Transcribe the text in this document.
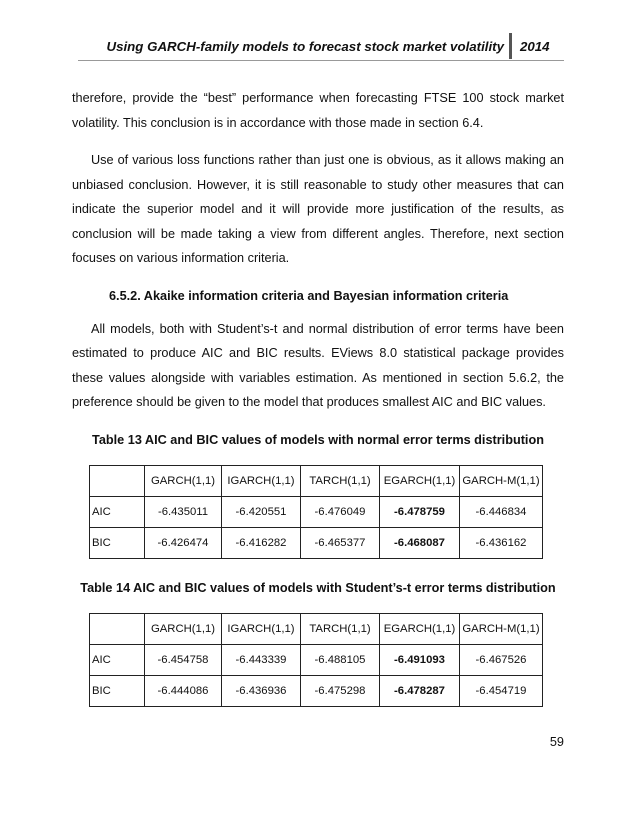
Using GARCH-family models to forecast stock market volatility 2014

therefore, provide the “best” performance when forecasting FTSE 100 stock market volatility. This conclusion is in accordance with those made in section 6.4.

Use of various loss functions rather than just one is obvious, as it allows making an unbiased conclusion. However, it is still reasonable to study other measures that can indicate the superior model and it will provide more justification of the results, as conclusion will be made taking a view from different angles. Therefore, next section focuses on various information criteria.

6.5.2. Akaike information criteria and Bayesian information criteria

All models, both with Student’s-t and normal distribution of error terms have been estimated to produce AIC and BIC results. EViews 8.0 statistical package provides these values alongside with variables estimation. As mentioned in section 5.6.2, the preference should be given to the model that produces smallest AIC and BIC values.

Table 13 AIC and BIC values of models with normal error terms distribution

	GARCH(1,1)	IGARCH(1,1)	TARCH(1,1)	EGARCH(1,1)	GARCH-M(1,1)
AIC	-6.435011	-6.420551	-6.476049	-6.478759	-6.446834
BIC	-6.426474	-6.416282	-6.465377	-6.468087	-6.436162

Table 14 AIC and BIC values of models with Student’s-t error terms distribution

	GARCH(1,1)	IGARCH(1,1)	TARCH(1,1)	EGARCH(1,1)	GARCH-M(1,1)
AIC	-6.454758	-6.443339	-6.488105	-6.491093	-6.467526
BIC	-6.444086	-6.436936	-6.475298	-6.478287	-6.454719
59
